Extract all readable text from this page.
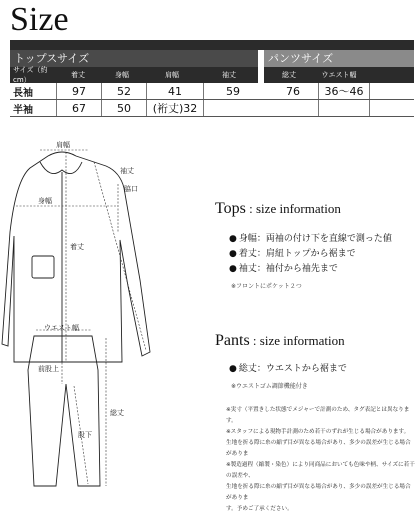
Size
トップスサイズ	パンツサイズ
サイズ（約cm）
着丈	身幅	肩幅	袖丈	総丈	ウエスト幅
長袖	97	52	41	59	76	36〜46
半袖	67	50	(裄丈)32
肩幅
袖丈
脇口
身幅
着丈
ウエスト幅
前股上
総丈
股下
Tops : size information
● 身幅：両袖の付け下を直線で測った値
● 着丈：肩紐トップから裾まで
● 袖丈：袖付から袖先まで
※フロントにポケット２つ
Pants : size information
● 総丈：ウエストから裾まで
※ウエストゴム調節機能付き

※実寸（平置きした状態でメジャーで計測のため、タグ表記とは異なります。

※スタッフによる現物手計測のため若干のずれが生じる場合があります。

生地を折る際に糸の縮ず目が異なる場合があり、多少の誤差が生じる場合がありま

※製造過程（縮製・染色）により同商品においても色味や柄、サイズに若干の誤差や、

生地を折る際に糸の縮ず目が異なる場合があり、多少の誤差が生じる場合がありま

す。予めご了承ください。
